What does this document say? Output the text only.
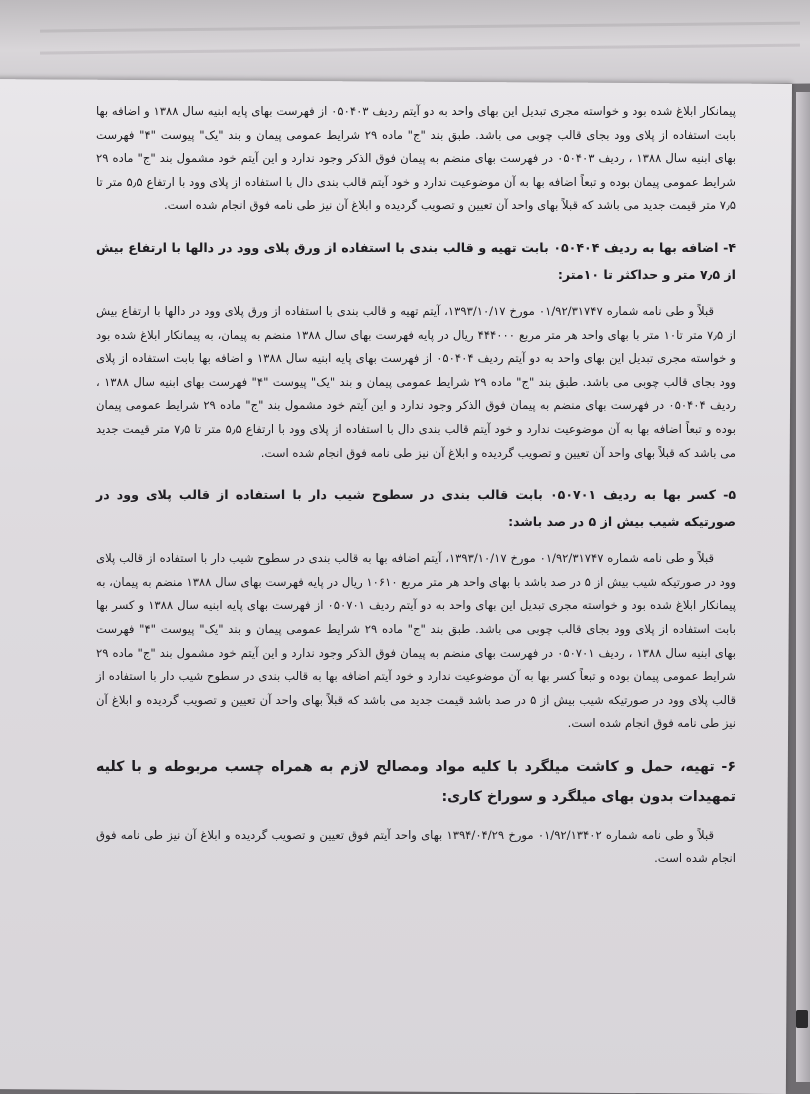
پیمانکار ابلاغ شده بود و خواسته مجری تبدیل این بهای واحد به دو آیتم ردیف ۰۵۰۴۰۳ از فهرست بهای پایه ابنیه سال ۱۳۸۸ و اضافه بها بابت استفاده از پلای وود بجای قالب چوبی می باشد. طبق بند "ج" ماده ۲۹ شرایط عمومی پیمان و بند "یک" پیوست "۴" فهرست بهای ابنیه سال ۱۳۸۸ ، ردیف ۰۵۰۴۰۳ در فهرست بهای منضم به پیمان فوق الذکر وجود ندارد و این آیتم خود مشمول بند "ج" ماده ۲۹ شرایط عمومی پیمان بوده و تبعاً اضافه بها به آن موضوعیت ندارد و خود آیتم قالب بندی دال با استفاده از پلای وود با ارتفاع ۵٫۵ متر تا ۷٫۵ متر قیمت جدید می باشد که قبلاً بهای واحد آن تعیین و تصویب گردیده و ابلاغ آن نیز طی نامه فوق انجام شده است.

۴- اضافه بها به ردیف ۰۵۰۴۰۴ بابت تهیه و قالب بندی با استفاده از ورق پلای وود در دالها با ارتفاع بیش از ۷٫۵ متر و حداکثر تا ۱۰متر:

قبلاً و طی نامه شماره ۰۱/۹۲/۳۱۷۴۷ مورخ ۱۳۹۳/۱۰/۱۷، آیتم تهیه و قالب بندی با استفاده از ورق پلای وود در دالها با ارتفاع بیش از ۷٫۵ متر تا۱۰ متر با بهای واحد هر متر مربع ۴۴۴۰۰۰ ریال در پایه فهرست بهای سال ۱۳۸۸ منضم به پیمان، به پیمانکار ابلاغ شده بود و خواسته مجری تبدیل این بهای واحد به دو آیتم ردیف ۰۵۰۴۰۴ از فهرست بهای پایه ابنیه سال ۱۳۸۸ و اضافه بها بابت استفاده از پلای وود بجای قالب چوبی می باشد. طبق بند "ج" ماده ۲۹ شرایط عمومی پیمان و بند "یک" پیوست "۴" فهرست بهای ابنیه سال ۱۳۸۸ ، ردیف ۰۵۰۴۰۴ در فهرست بهای منضم به پیمان فوق الذکر وجود ندارد و این آیتم خود مشمول بند "ج" ماده ۲۹ شرایط عمومی پیمان بوده و تبعاً اضافه بها به آن موضوعیت ندارد و خود آیتم قالب بندی دال با استفاده از پلای وود با ارتفاع ۵٫۵ متر تا ۷٫۵ متر قیمت جدید می باشد که قبلاً بهای واحد آن تعیین و تصویب گردیده و ابلاغ آن نیز طی نامه فوق انجام شده است.

۵- کسر بها به ردیف ۰۵۰۷۰۱ بابت قالب بندی در سطوح شیب دار با استفاده از قالب پلای وود در صورتیکه شیب بیش از ۵ در صد باشد:

قبلاً و طی نامه شماره ۰۱/۹۲/۳۱۷۴۷ مورخ ۱۳۹۳/۱۰/۱۷، آیتم اضافه بها به قالب بندی در سطوح شیب دار با استفاده از قالب پلای وود در صورتیکه شیب بیش از ۵ در صد باشد با بهای واحد هر متر مربع ۱۰۶۱۰ ریال در پایه فهرست بهای سال ۱۳۸۸ منضم به پیمان، به پیمانکار ابلاغ شده بود و خواسته مجری تبدیل این بهای واحد به دو آیتم ردیف ۰۵۰۷۰۱ از فهرست بهای پایه ابنیه سال ۱۳۸۸ و کسر بها بابت استفاده از پلای وود بجای قالب چوبی می باشد. طبق بند "ج" ماده ۲۹ شرایط عمومی پیمان و بند "یک" پیوست "۴" فهرست بهای ابنیه سال ۱۳۸۸ ، ردیف ۰۵۰۷۰۱ در فهرست بهای منضم به پیمان فوق الذکر وجود ندارد و این آیتم خود مشمول بند "ج" ماده ۲۹ شرایط عمومی پیمان بوده و تبعاً کسر بها به آن موضوعیت ندارد و خود آیتم اضافه بها به قالب بندی در سطوح شیب دار با استفاده از قالب پلای وود در صورتیکه شیب بیش از ۵ در صد باشد قیمت جدید می باشد که قبلاً بهای واحد آن تعیین و تصویب گردیده و ابلاغ آن نیز طی نامه فوق انجام شده است.

۶- تهیه، حمل و کاشت میلگرد با کلیه مواد ومصالح لازم به همراه چسب مربوطه و با کلیه تمهیدات بدون بهای میلگرد و سوراخ کاری:

قبلاً و طی نامه شماره ۰۱/۹۲/۱۳۴۰۲ مورخ ۱۳۹۴/۰۴/۲۹ بهای واحد آیتم فوق تعیین و تصویب گردیده و ابلاغ آن نیز طی نامه فوق انجام شده است.
